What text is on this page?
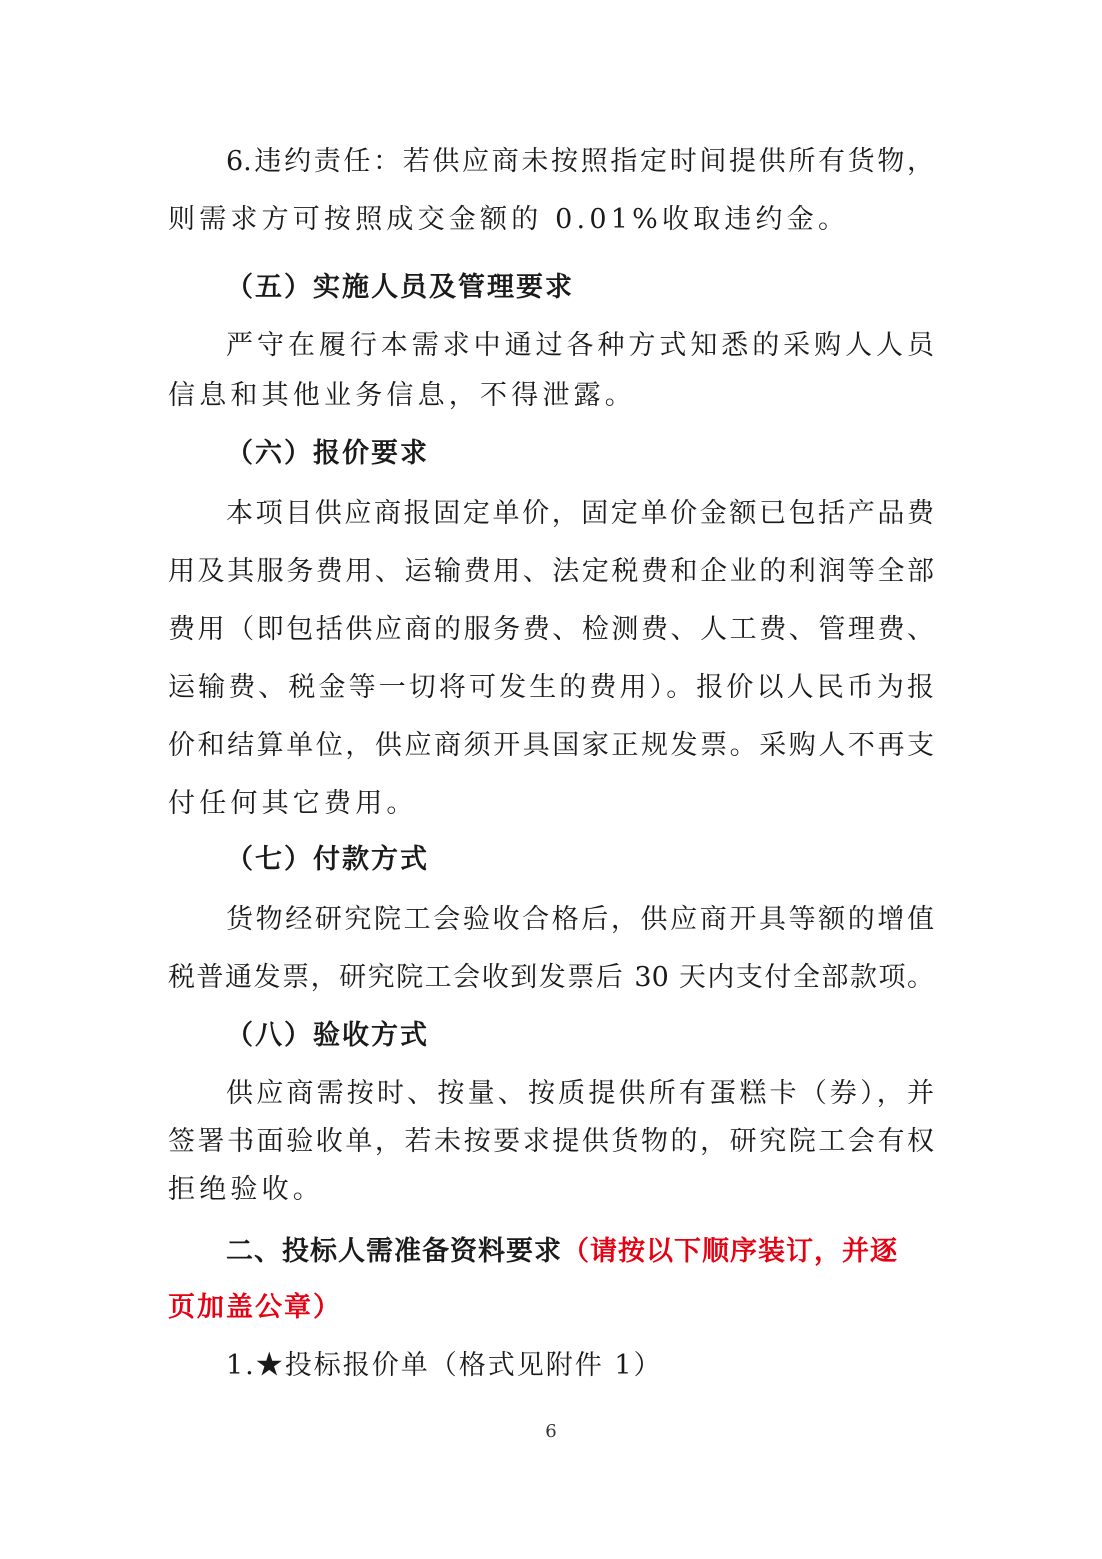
6.违约责任：若供应商未按照指定时间提供所有货物，
则需求方可按照成交金额的 0.01%收取违约金。
（五）实施人员及管理要求
严守在履行本需求中通过各种方式知悉的采购人人员
信息和其他业务信息，不得泄露。
（六）报价要求
本项目供应商报固定单价，固定单价金额已包括产品费
用及其服务费用、运输费用、法定税费和企业的利润等全部
费用（即包括供应商的服务费、检测费、人工费、管理费、
运输费、税金等一切将可发生的费用）。报价以人民币为报
价和结算单位，供应商须开具国家正规发票。采购人不再支
付任何其它费用。
（七）付款方式
货物经研究院工会验收合格后，供应商开具等额的增值
税普通发票，研究院工会收到发票后 30 天内支付全部款项。
（八）验收方式
供应商需按时、按量、按质提供所有蛋糕卡（券），并
签署书面验收单，若未按要求提供货物的，研究院工会有权
拒绝验收。
二、投标人需准备资料要求（请按以下顺序装订，并逐
页加盖公章）
1.★投标报价单（格式见附件 1）
6
